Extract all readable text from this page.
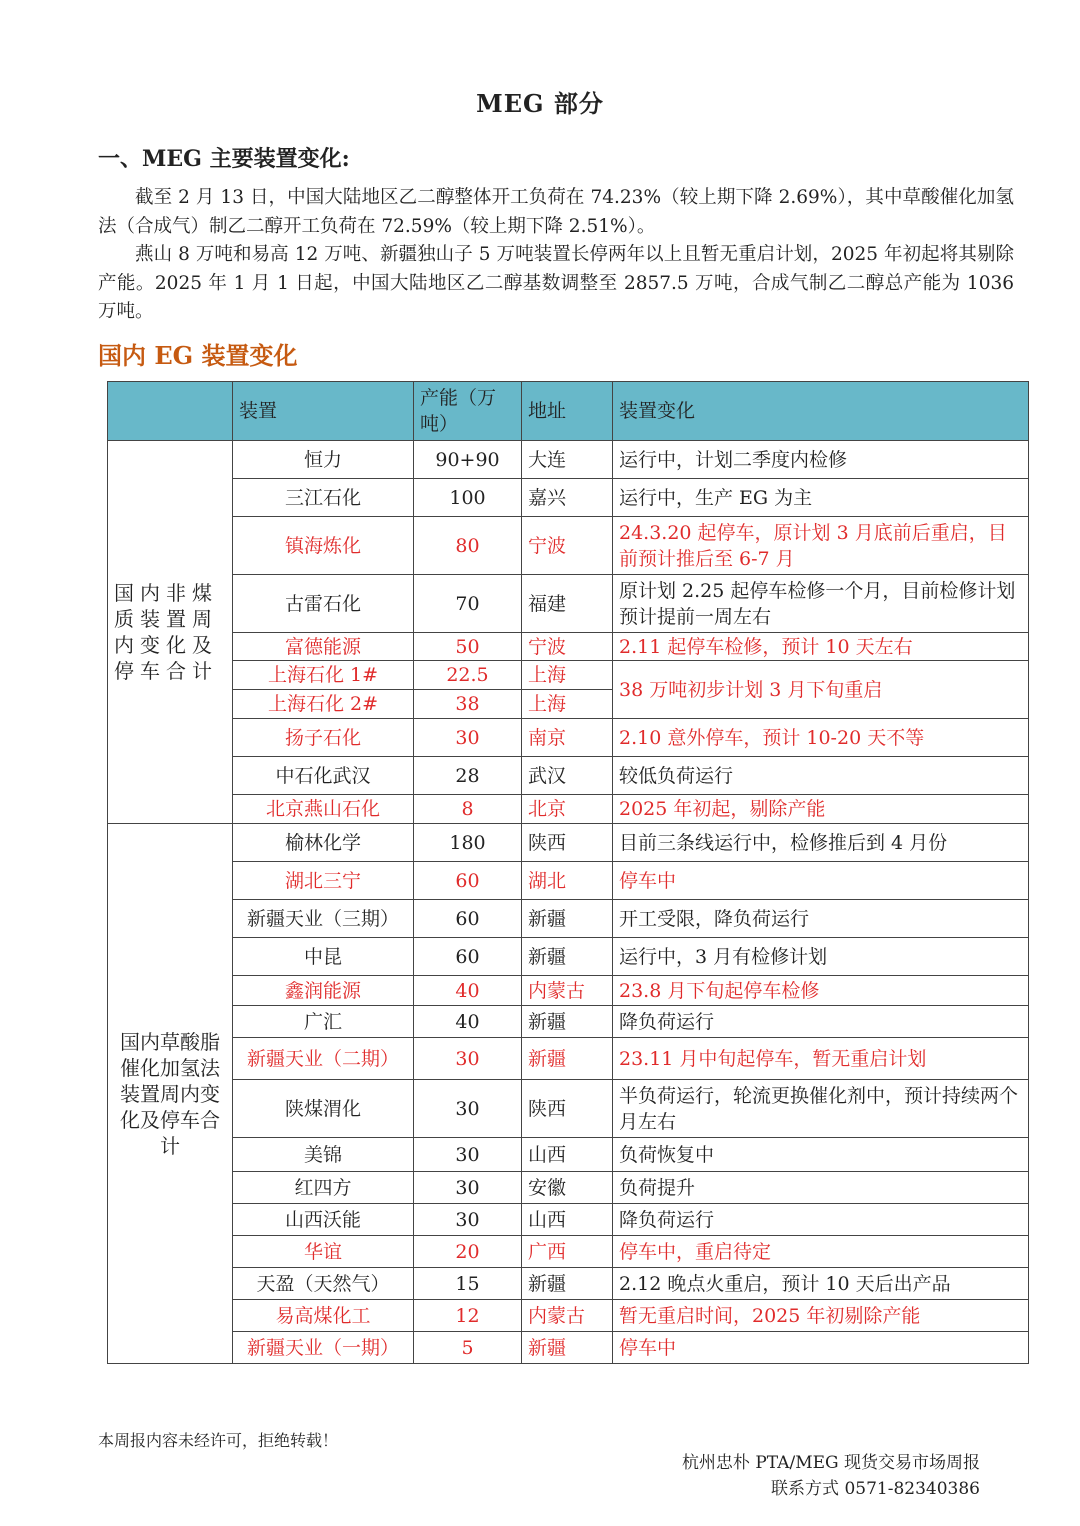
MEG 部分
一、MEG 主要装置变化:
截至 2 月 13 日，中国大陆地区乙二醇整体开工负荷在 74.23%（较上期下降 2.69%），其中草酸催化加氢法（合成气）制乙二醇开工负荷在 72.59%（较上期下降 2.51%）。
燕山 8 万吨和易高 12 万吨、新疆独山子 5 万吨装置长停两年以上且暂无重启计划，2025 年初起将其剔除产能。2025 年 1 月 1 日起，中国大陆地区乙二醇基数调整至 2857.5 万吨，合成气制乙二醇总产能为 1036 万吨。
国内 EG 装置变化
	装置	产能（万吨）	地址	装置变化
国内非煤质装置周内变化及停车合计	恒力	90+90	大连	运行中，计划二季度内检修
	三江石化	100	嘉兴	运行中，生产 EG 为主
	镇海炼化	80	宁波	24.3.20 起停车，原计划 3 月底前后重启，目前预计推后至 6-7 月
	古雷石化	70	福建	原计划 2.25 起停车检修一个月，目前检修计划预计提前一周左右
	富德能源	50	宁波	2.11 起停车检修，预计 10 天左右
	上海石化 1#	22.5	上海	38 万吨初步计划 3 月下旬重启
	上海石化 2#	38	上海	
	扬子石化	30	南京	2.10 意外停车，预计 10-20 天不等
	中石化武汉	28	武汉	较低负荷运行
	北京燕山石化	8	北京	2025 年初起，剔除产能
国内草酸脂催化加氢法装置周内变化及停车合计	榆林化学	180	陕西	目前三条线运行中，检修推后到 4 月份
	湖北三宁	60	湖北	停车中
	新疆天业（三期）	60	新疆	开工受限，降负荷运行
	中昆	60	新疆	运行中，3 月有检修计划
	鑫润能源	40	内蒙古	23.8 月下旬起停车检修
	广汇	40	新疆	降负荷运行
	新疆天业（二期）	30	新疆	23.11 月中旬起停车，暂无重启计划
	陕煤渭化	30	陕西	半负荷运行，轮流更换催化剂中，预计持续两个月左右
	美锦	30	山西	负荷恢复中
	红四方	30	安徽	负荷提升
	山西沃能	30	山西	降负荷运行
	华谊	20	广西	停车中，重启待定
	天盈（天然气）	15	新疆	2.12 晚点火重启，预计 10 天后出产品
	易高煤化工	12	内蒙古	暂无重启时间，2025 年初剔除产能
	新疆天业（一期）	5	新疆	停车中
本周报内容未经许可，拒绝转载！
杭州忠朴 PTA/MEG 现货交易市场周报
联系方式 0571-82340386
